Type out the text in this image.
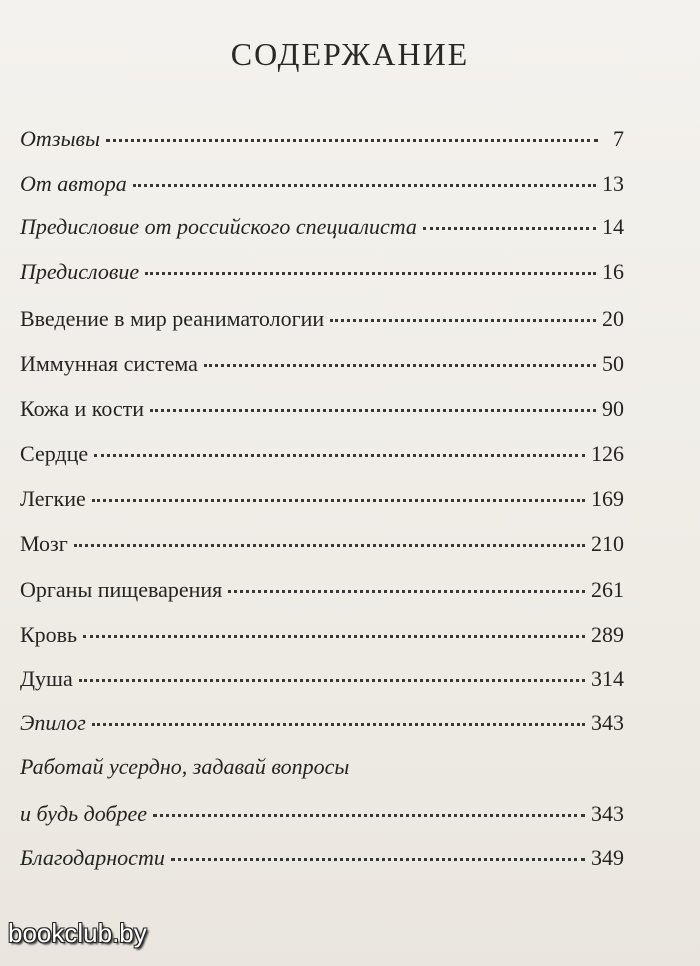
СОДЕРЖАНИЕ
Отзывы	7
От автора	13
Предисловие от российского специалиста	14
Предисловие	16
Введение в мир реаниматологии	20
Иммунная система	50
Кожа и кости	90
Сердце	126
Легкие	169
Мозг	210
Органы пищеварения	261
Кровь	289
Душа	314
Эпилог	343
Работай усердно, задавай вопросы
и будь добрее	343
Благодарности	349
bookclub.by
